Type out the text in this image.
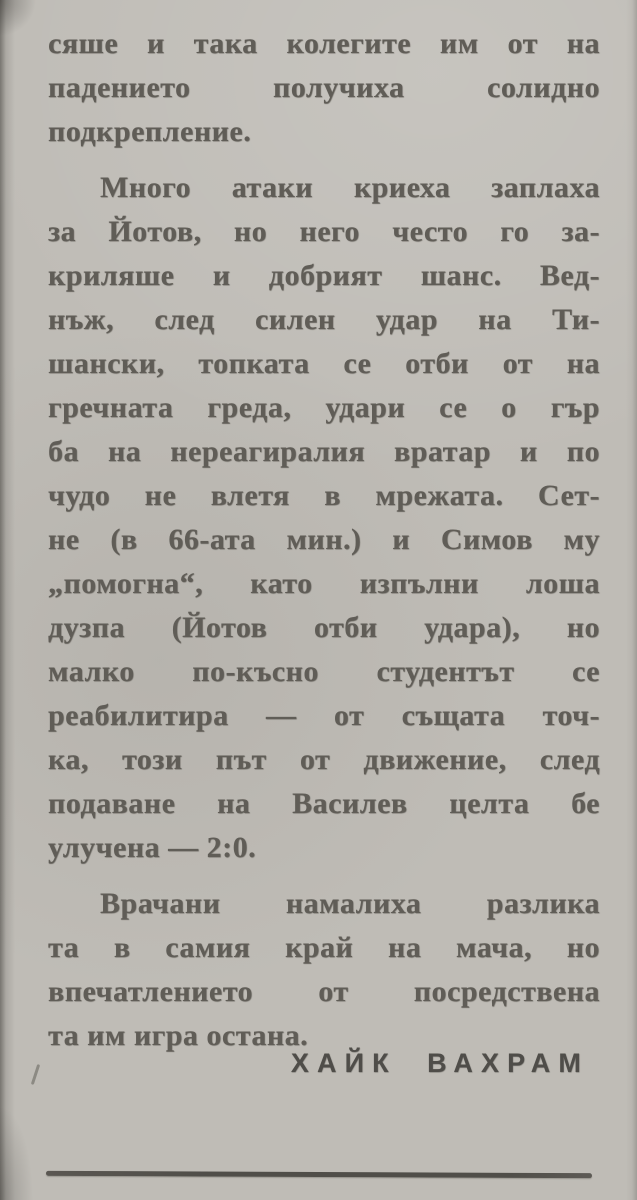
сяше и така колегите им от на
падението получиха солидно
подкрепление.
Много атаки криеха заплаха
за Йотов, но него често го за-
криляше и добрият шанс. Вед-
нъж, след силен удар на Ти-
шански, топката се отби от на
гречната греда, удари се о гър
ба на нереагиралия вратар и по
чудо не влетя в мрежата. Сет-
не (в 66-ата мин.) и Симов му
„помогна“, като изпълни лоша
дузпа (Йотов отби удара), но
малко по-късно студентът се
реабилитира — от същата точ-
ка, този път от движение, след
подаване на Василев целта бе
улучена — 2:0.
Врачани намалиха разлика
та в самия край на мача, но
впечатлението от посредствена
та им игра остана.
ХАЙК ВАХРАМ
